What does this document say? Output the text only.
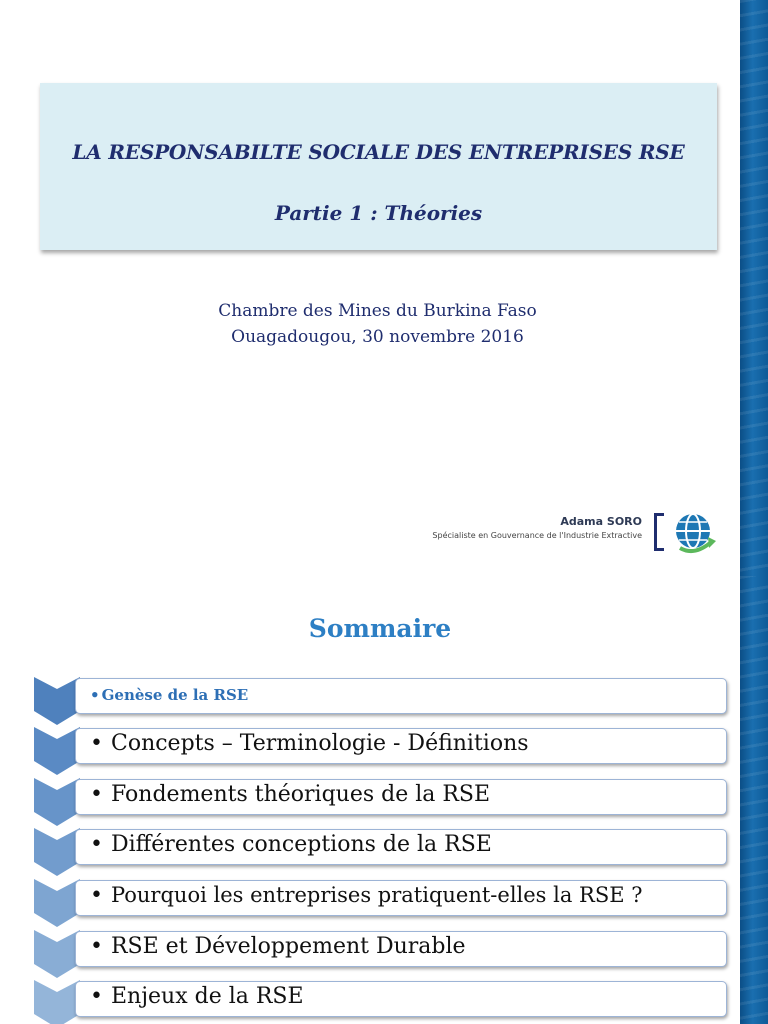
LA RESPONSABILTE SOCIALE DES ENTREPRISES RSE

Partie 1 : Théories

Chambre des Mines du Burkina Faso
Ouagadougou, 30 novembre 2016
Adama SORO
Spécialiste en Gouvernance de l'Industrie Extractive
Sommaire
• Genèse de la RSE
• Concepts – Terminologie - Définitions
• Fondements théoriques de la RSE
• Différentes conceptions de la RSE
• Pourquoi les entreprises pratiquent-elles la RSE ?
• RSE et Développement Durable
• Enjeux de la RSE
